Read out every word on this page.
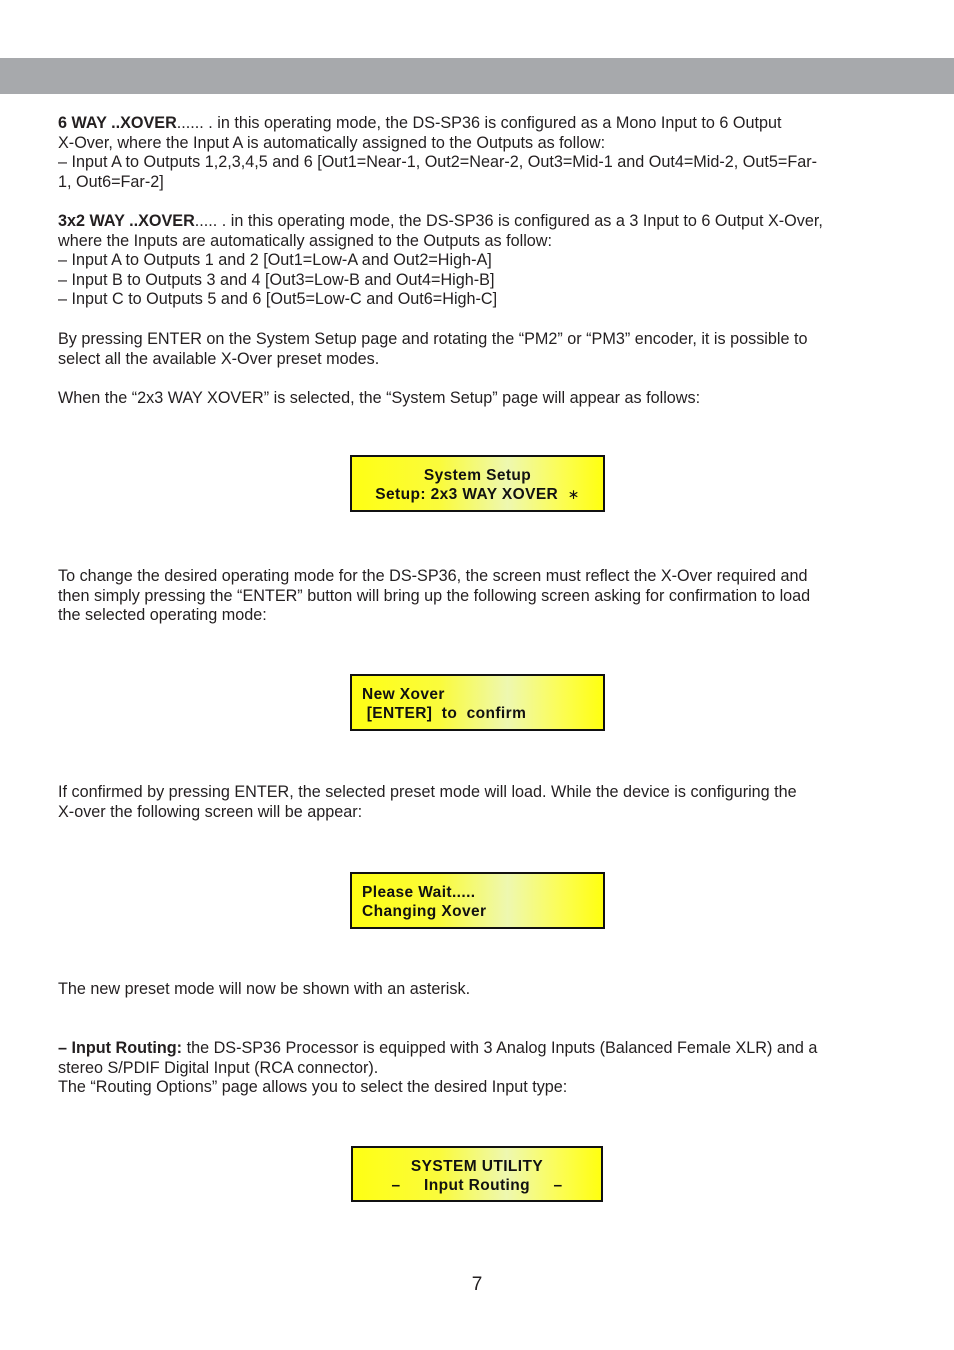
6 WAY ..XOVER...... . in this operating mode, the DS-SP36 is configured as a Mono Input to 6 Output
X-Over, where the Input A is automatically assigned to the Outputs as follow:
– Input A to Outputs 1,2,3,4,5 and 6 [Out1=Near-1, Out2=Near-2, Out3=Mid-1 and Out4=Mid-2, Out5=Far-
1, Out6=Far-2]

3x2 WAY ..XOVER..... . in this operating mode, the DS-SP36 is configured as a 3 Input to 6 Output X-Over,
where the Inputs are automatically assigned to the Outputs as follow:
– Input A to Outputs 1 and 2 [Out1=Low-A and Out2=High-A]
– Input B to Outputs 3 and 4 [Out3=Low-B and Out4=High-B]
– Input C to Outputs 5 and 6 [Out5=Low-C and Out6=High-C]

By pressing ENTER on the System Setup page and rotating the “PM2” or “PM3” encoder, it is possible to
select all the available X-Over preset modes.

When the “2x3 WAY XOVER” is selected, the “System Setup” page will appear as follows:

System Setup
Setup: 2x3 WAY XOVER ∗

To change the desired operating mode for the DS-SP36, the screen must reflect the X-Over required and
then simply pressing the “ENTER” button will bring up the following screen asking for confirmation to load
the selected operating mode:

New Xover
[ENTER]  to  confirm

If confirmed by pressing ENTER, the selected preset mode will load. While the device is configuring the
X-over the following screen will be appear:

Please Wait.....
Changing Xover

The new preset mode will now be shown with an asterisk.

– Input Routing: the DS-SP36 Processor is equipped with 3 Analog Inputs (Balanced Female XLR) and a
stereo S/PDIF Digital Input (RCA connector).
The “Routing Options” page allows you to select the desired Input type:

SYSTEM UTILITY
–     Input Routing     –
7
